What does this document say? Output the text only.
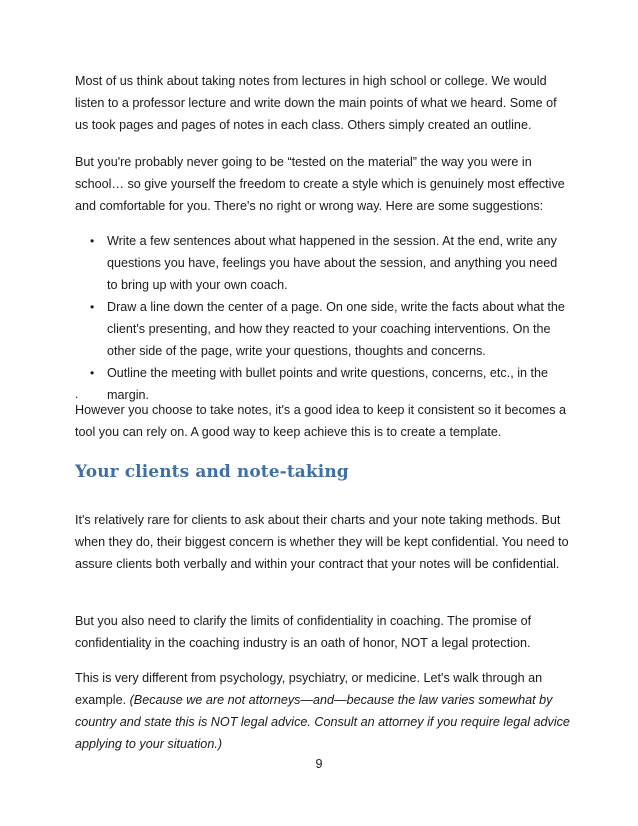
Most of us think about taking notes from lectures in high school or college. We would listen to a professor lecture and write down the main points of what we heard. Some of us took pages and pages of notes in each class. Others simply created an outline.
But you're probably never going to be “tested on the material” the way you were in school… so give yourself the freedom to create a style which is genuinely most effective and comfortable for you. There's no right or wrong way. Here are some suggestions:
• Write a few sentences about what happened in the session. At the end, write any questions you have, feelings you have about the session, and anything you need to bring up with your own coach.
• Draw a line down the center of a page. On one side, write the facts about what the client's presenting, and how they reacted to your coaching interventions. On the other side of the page, write your questions, thoughts and concerns.
• Outline the meeting with bullet points and write questions, concerns, etc., in the margin.
.
However you choose to take notes, it's a good idea to keep it consistent so it becomes a tool you can rely on. A good way to keep achieve this is to create a template.
Your clients and note-taking
It's relatively rare for clients to ask about their charts and your note taking methods. But when they do, their biggest concern is whether they will be kept confidential. You need to assure clients both verbally and within your contract that your notes will be confidential.
But you also need to clarify the limits of confidentiality in coaching. The promise of confidentiality in the coaching industry is an oath of honor, NOT a legal protection.
This is very different from psychology, psychiatry, or medicine. Let's walk through an example. (Because we are not attorneys—and—because the law varies somewhat by country and state this is NOT legal advice. Consult an attorney if you require legal advice applying to your situation.)
9
